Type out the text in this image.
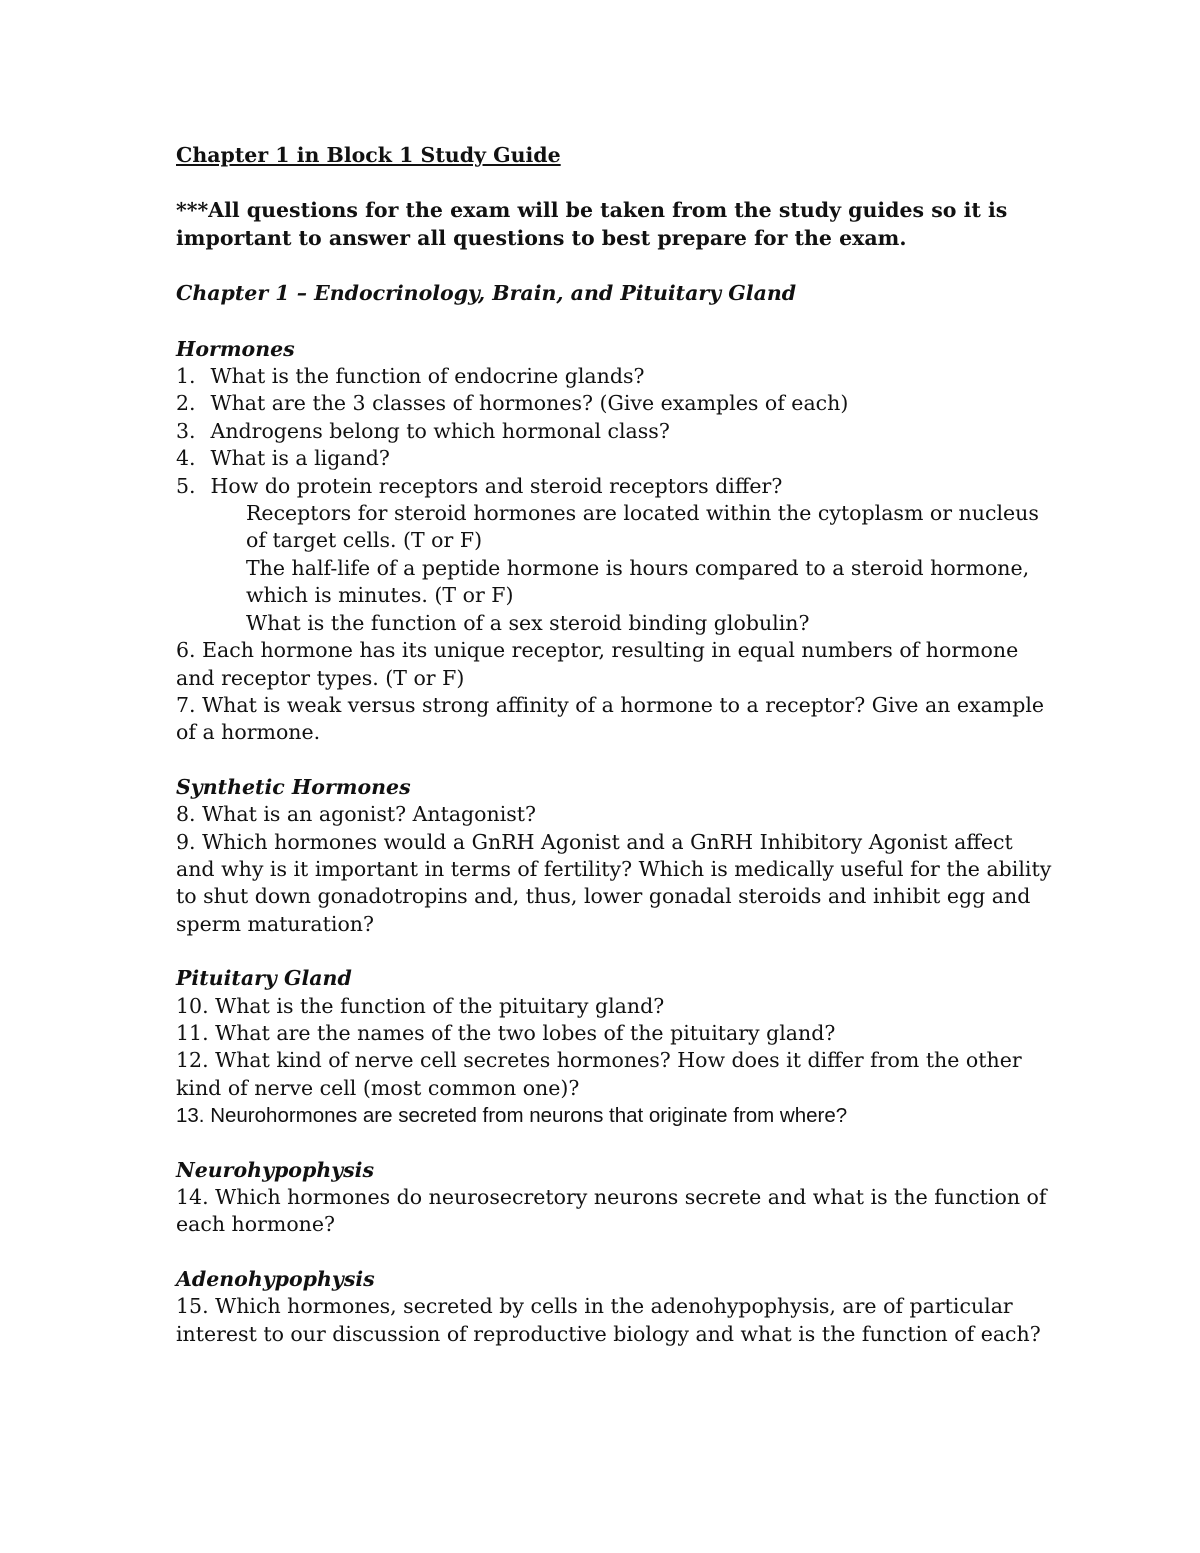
Chapter 1 in Block 1 Study Guide
***All questions for the exam will be taken from the study guides so it is important to answer all questions to best prepare for the exam.
Chapter 1 – Endocrinology, Brain, and Pituitary Gland
Hormones
1. What is the function of endocrine glands?
2. What are the 3 classes of hormones? (Give examples of each)
3. Androgens belong to which hormonal class?
4. What is a ligand?
5. How do protein receptors and steroid receptors differ?
Receptors for steroid hormones are located within the cytoplasm or nucleus of target cells. (T or F)
The half-life of a peptide hormone is hours compared to a steroid hormone, which is minutes. (T or F)
What is the function of a sex steroid binding globulin?
6. Each hormone has its unique receptor, resulting in equal numbers of hormone and receptor types. (T or F)
7. What is weak versus strong affinity of a hormone to a receptor? Give an example of a hormone.
Synthetic Hormones
8. What is an agonist? Antagonist?
9. Which hormones would a GnRH Agonist and a GnRH Inhibitory Agonist affect and why is it important in terms of fertility? Which is medically useful for the ability to shut down gonadotropins and, thus, lower gonadal steroids and inhibit egg and sperm maturation?
Pituitary Gland
10. What is the function of the pituitary gland?
11. What are the names of the two lobes of the pituitary gland?
12. What kind of nerve cell secretes hormones? How does it differ from the other kind of nerve cell (most common one)?
13. Neurohormones are secreted from neurons that originate from where?
Neurohypophysis
14. Which hormones do neurosecretory neurons secrete and what is the function of each hormone?
Adenohypophysis
15. Which hormones, secreted by cells in the adenohypophysis, are of particular interest to our discussion of reproductive biology and what is the function of each?
